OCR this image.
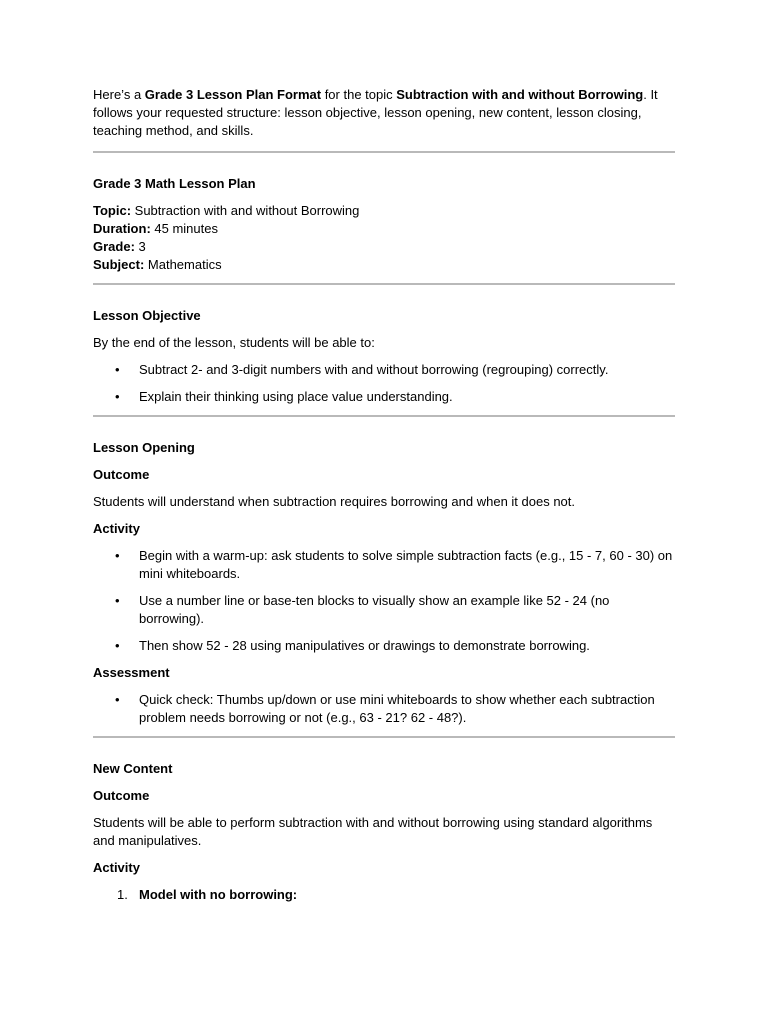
Here’s a Grade 3 Lesson Plan Format for the topic Subtraction with and without Borrowing. It follows your requested structure: lesson objective, lesson opening, new content, lesson closing, teaching method, and skills.

Grade 3 Math Lesson Plan

Topic: Subtraction with and without Borrowing

Duration: 45 minutes

Grade: 3

Subject: Mathematics

Lesson Objective

By the end of the lesson, students will be able to:

• Subtract 2- and 3-digit numbers with and without borrowing (regrouping) correctly.
• Explain their thinking using place value understanding.

Lesson Opening

Outcome

Students will understand when subtraction requires borrowing and when it does not.

Activity

• Begin with a warm-up: ask students to solve simple subtraction facts (e.g., 15 - 7, 60 - 30) on mini whiteboards.
• Use a number line or base-ten blocks to visually show an example like 52 - 24 (no borrowing).
• Then show 52 - 28 using manipulatives or drawings to demonstrate borrowing.

Assessment

• Quick check: Thumbs up/down or use mini whiteboards to show whether each subtraction problem needs borrowing or not (e.g., 63 - 21? 62 - 48?).

New Content

Outcome

Students will be able to perform subtraction with and without borrowing using standard algorithms and manipulatives.

Activity

1. Model with no borrowing:
